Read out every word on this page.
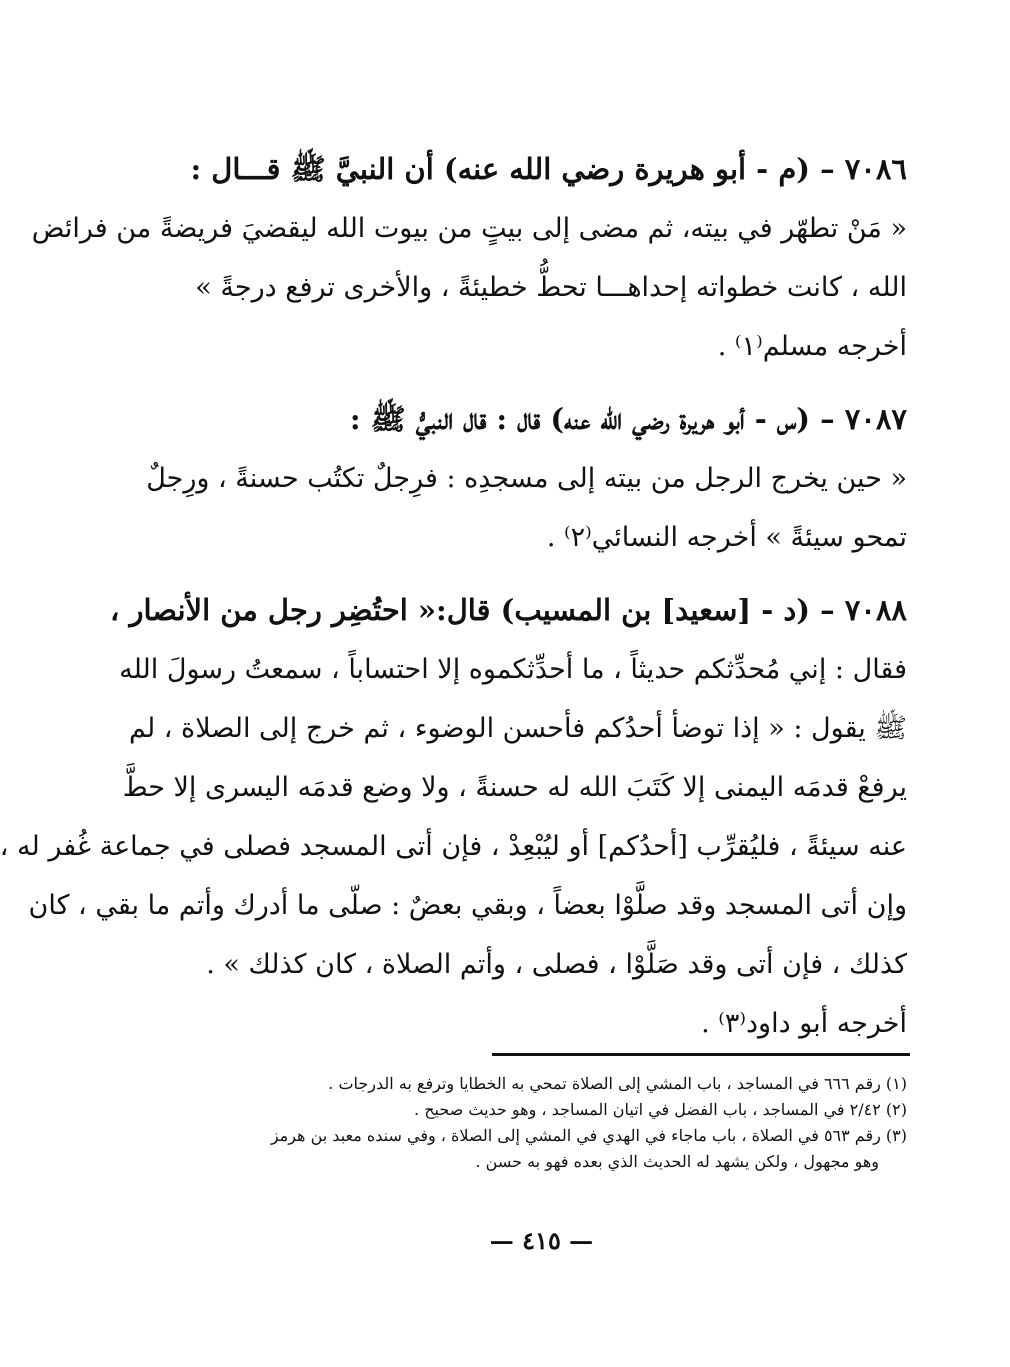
٧٠٨٦ – (م - أبو هريرة رضي الله عنه) أن النبيَّ ﷺ قـــال :
« مَنْ تطهّر في بيته، ثم مضى إلى بيتٍ من بيوت الله ليقضيَ فريضةً من فرائض
الله ، كانت خطواته إحداهـــا تحطُّ خطيئةً ، والأخرى ترفع درجةً »
أخرجه مسلم⁽١⁾ .
٧٠٨٧ – (س - أبو هريرة رضي الله عنه) قال : قال النبيُّ ﷺ :
« حين يخرج الرجل من بيته إلى مسجدِه : فرِجلٌ تكتُب حسنةً ، ورِجلٌ
تمحو سيئةً » أخرجه النسائي⁽٢⁾ .
٧٠٨٨ – (د - [سعيد] بن المسيب) قال:« احتُضِر رجل من الأنصار ،
فقال : إني مُحدِّثكم حديثاً ، ما أحدِّثكموه إلا احتساباً ، سمعتُ رسولَ الله
ﷺ يقول : « إذا توضأ أحدُكم فأحسن الوضوء ، ثم خرج إلى الصلاة ، لم
يرفعْ قدمَه اليمنى إلا كَتَبَ الله له حسنةً ، ولا وضع قدمَه اليسرى إلا حطَّ
عنه سيئةً ، فليُقرِّب [أحدُكم] أو ليُبْعِدْ ، فإن أتى المسجد فصلى في جماعة غُفر له ،
وإن أتى المسجد وقد صلَّوْا بعضاً ، وبقي بعضٌ : صلّى ما أدرك وأتم ما بقي ، كان
كذلك ، فإن أتى وقد صَلَّوْا ، فصلى ، وأتم الصلاة ، كان كذلك » .
أخرجه أبو داود⁽٣⁾ .
(١) رقم ٦٦٦ في المساجد ، باب المشي إلى الصلاة تمحي به الخطايا وترفع به الدرجات .
(٢) ٢/٤٢ في المساجد ، باب الفضل في اتيان المساجد ، وهو حديث صحيح .
(٣) رقم ٥٦٣ في الصلاة ، باب ماجاء في الهدي في المشي إلى الصلاة ، وفي سنده معبد بن هرمز
وهو مجهول ، ولكن يشهد له الحديث الذي بعده فهو به حسن .
— ٤١٥ —
